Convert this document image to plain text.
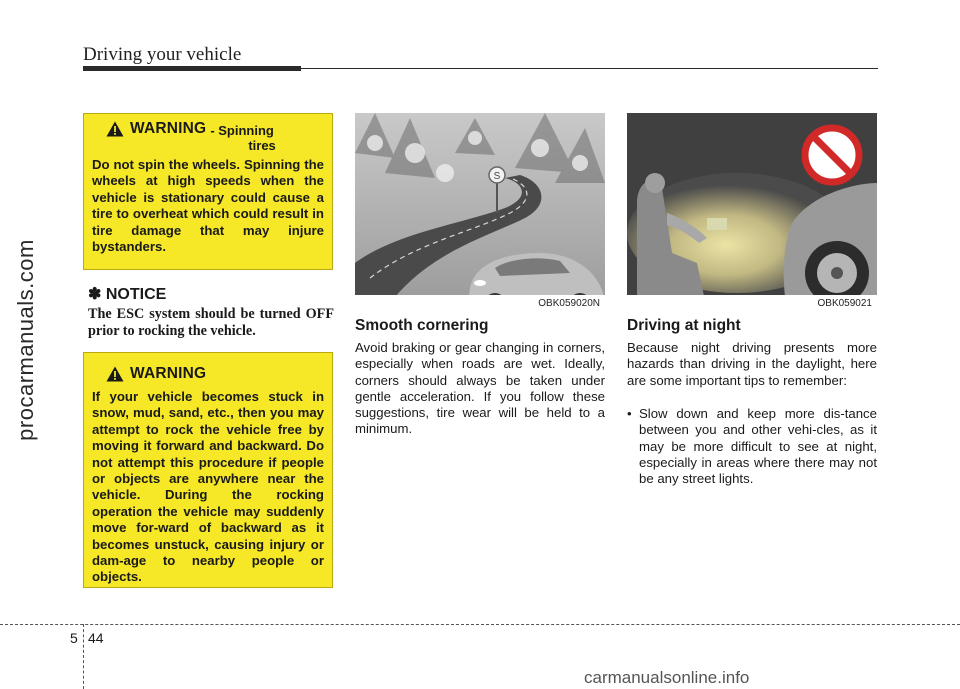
Driving your vehicle
procarmanuals.com
WARNING - Spinning
tires
Do not spin the wheels. Spinning the wheels at high speeds when the vehicle is stationary could cause a tire to overheat which could result in tire damage that may injure bystanders.
✽ NOTICE
The ESC system should be turned OFF prior to rocking the vehicle.
WARNING
If your vehicle becomes stuck in snow, mud, sand, etc., then you may attempt to rock the vehicle free by moving it forward and backward. Do not attempt this procedure if people or objects are anywhere near the vehicle. During the rocking operation the vehicle may suddenly move for-ward of backward as it becomes unstuck, causing injury or dam-age to nearby people or objects.
S
OBK059020N	OBK059021
Smooth cornering
Avoid braking or gear changing in corners, especially when roads are wet. Ideally, corners should always be taken under gentle acceleration. If you follow these suggestions, tire wear will be held to a minimum.
Driving at night
Because night driving presents more hazards than driving in the daylight, here are some important tips to remember:
• Slow down and keep more dis-tance between you and other vehi-cles, as it may be more difficult to see at night, especially in areas where there may not be any street lights.
5 44
carmanualsonline.info
